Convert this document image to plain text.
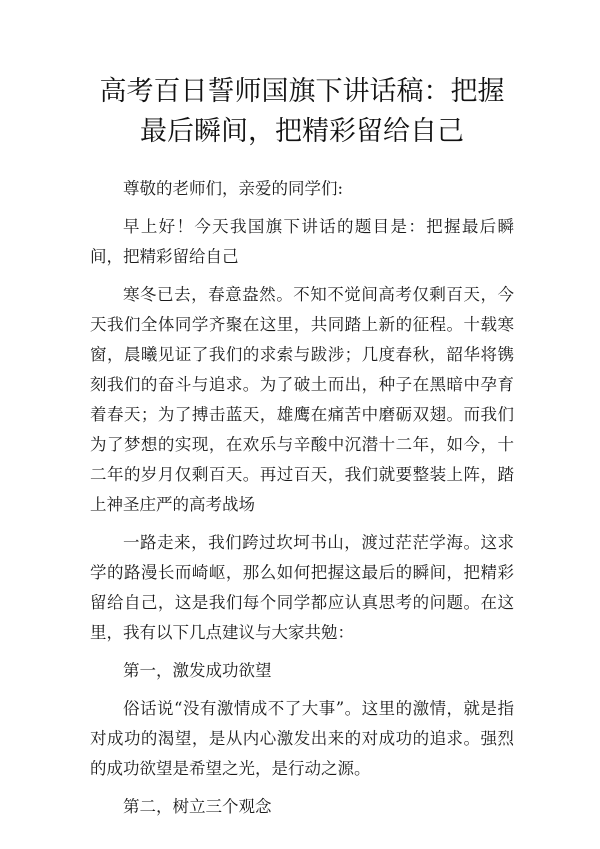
高考百日誓师国旗下讲话稿：把握最后瞬间，把精彩留给自己

尊敬的老师们，亲爱的同学们:

早上好！今天我国旗下讲话的题目是：把握最后瞬间，把精彩留给自己

寒冬已去，春意盎然。不知不觉间高考仅剩百天，今天我们全体同学齐聚在这里，共同踏上新的征程。十载寒窗，晨曦见证了我们的求索与跋涉；几度春秋，韶华将镌刻我们的奋斗与追求。为了破土而出，种子在黑暗中孕育着春天；为了搏击蓝天，雄鹰在痛苦中磨砺双翅。而我们为了梦想的实现，在欢乐与辛酸中沉潜十二年，如今，十二年的岁月仅剩百天。再过百天，我们就要整装上阵，踏上神圣庄严的高考战场

一路走来，我们跨过坎坷书山，渡过茫茫学海。这求学的路漫长而崎岖，那么如何把握这最后的瞬间，把精彩留给自己，这是我们每个同学都应认真思考的问题。在这里，我有以下几点建议与大家共勉：

第一，激发成功欲望

俗话说“没有激情成不了大事”。这里的激情，就是指对成功的渴望，是从内心激发出来的对成功的追求。强烈的成功欲望是希望之光，是行动之源。

第二，树立三个观念
